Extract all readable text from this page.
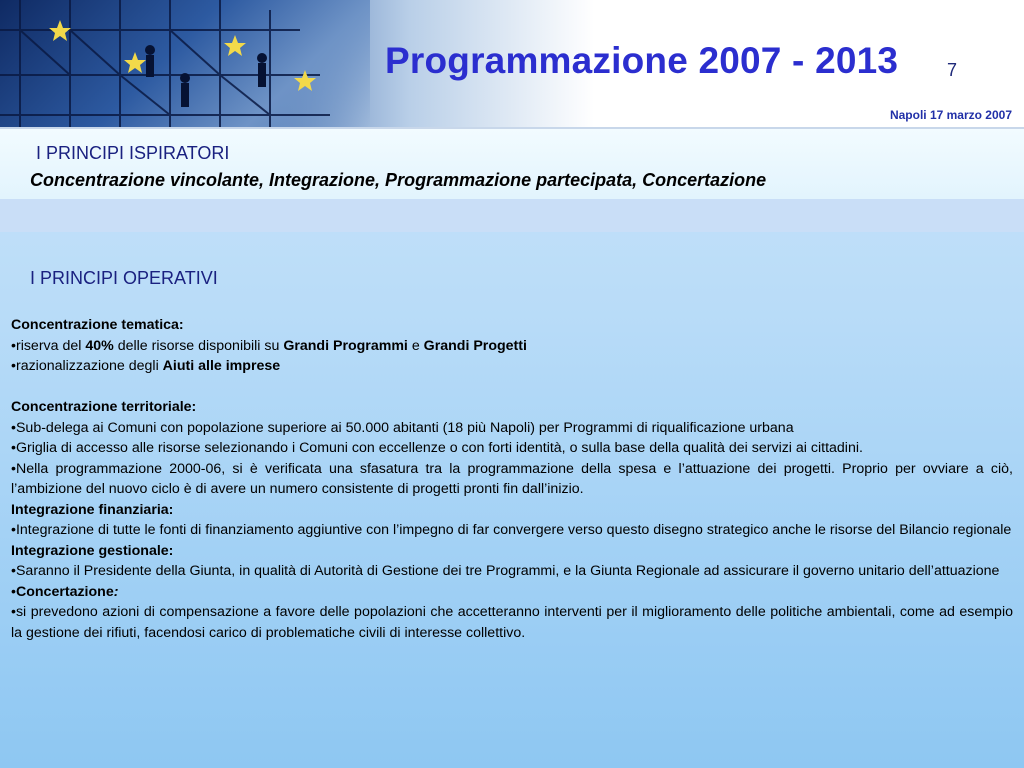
Programmazione 2007 - 2013	7
Napoli 17 marzo 2007
I PRINCIPI ISPIRATORI
Concentrazione vincolante, Integrazione, Programmazione partecipata, Concertazione
I PRINCIPI OPERATIVI

Concentrazione tematica:

•riserva del 40% delle risorse disponibili su Grandi Programmi e Grandi Progetti

•razionalizzazione degli Aiuti alle imprese

Concentrazione territoriale:

•Sub-delega ai Comuni con popolazione superiore ai 50.000 abitanti (18 più Napoli) per Programmi di riqualificazione urbana

•Griglia di accesso alle risorse selezionando i Comuni con eccellenze o con forti identità, o sulla base della qualità dei servizi ai cittadini.

•Nella programmazione 2000-06, si è verificata una sfasatura tra la programmazione della spesa e l’attuazione dei progetti. Proprio per ovviare a ciò, l’ambizione del nuovo ciclo è di avere un numero consistente di progetti pronti fin dall’inizio.

Integrazione finanziaria:

•Integrazione di tutte le fonti di finanziamento aggiuntive con l’impegno di far convergere verso questo disegno strategico anche le risorse del Bilancio regionale

Integrazione gestionale:

•Saranno il Presidente della Giunta, in qualità di Autorità di Gestione dei tre Programmi, e la Giunta Regionale ad assicurare il governo unitario dell’attuazione

•Concertazione:

•si prevedono azioni di compensazione a favore delle popolazioni che accetteranno interventi per il miglioramento delle politiche ambientali, come ad esempio la gestione dei rifiuti, facendosi carico di problematiche civili di interesse collettivo.
